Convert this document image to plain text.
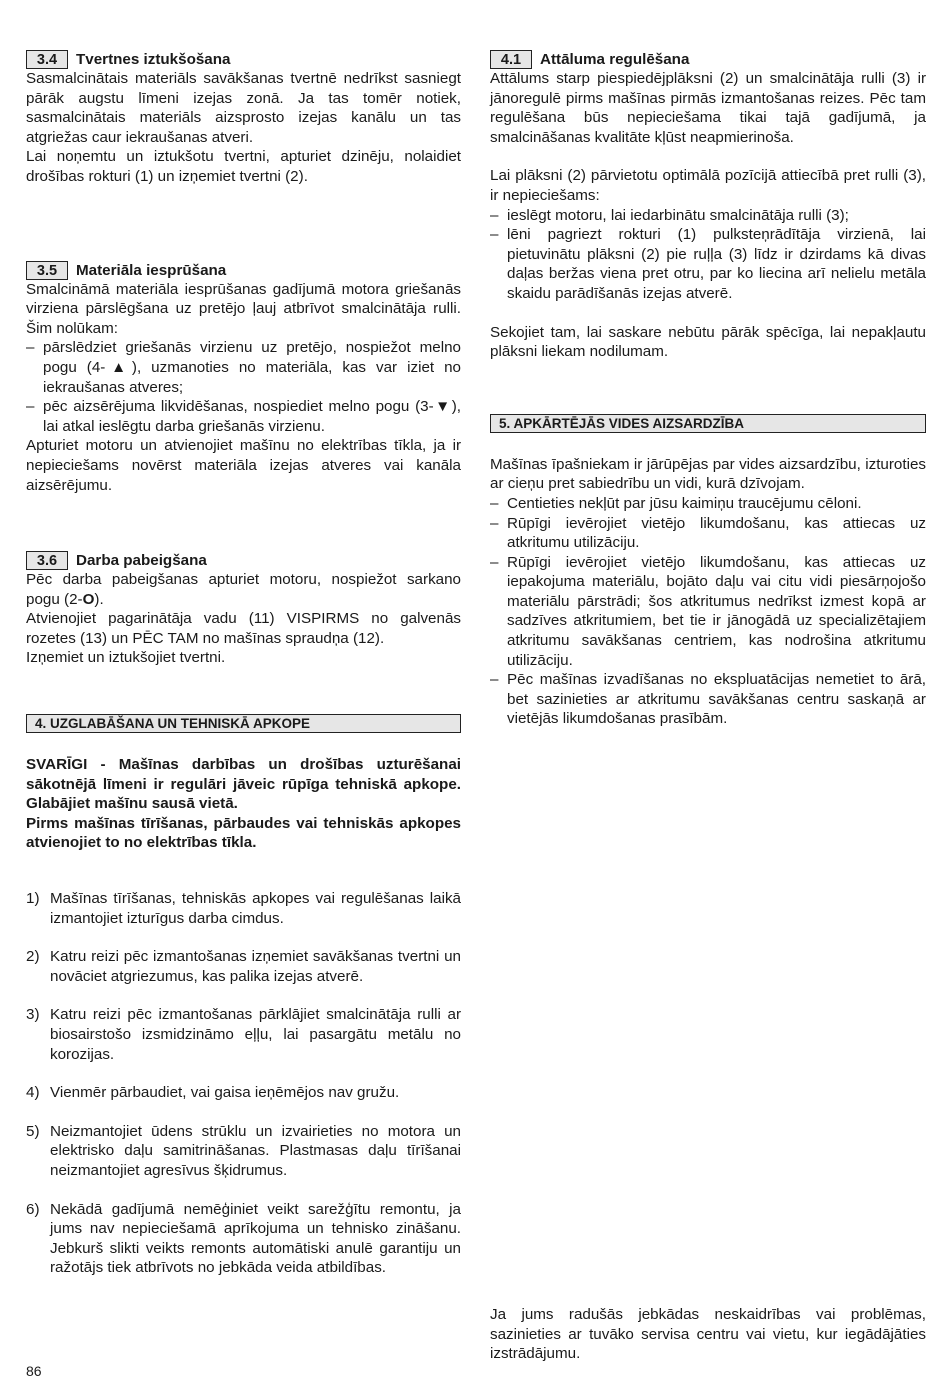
3.4	Tvertnes iztukšošana

Sasmalcinātais materiāls savākšanas tvertnē nedrīkst sasniegt pārāk augstu līmeni izejas zonā. Ja tas tomēr notiek, sasmalcinātais materiāls aizsprosto izejas kanālu un tas atgriežas caur iekraušanas atveri.

Lai noņemtu un iztukšotu tvertni, apturiet dzinēju, nolaidiet drošības rokturi (1) un izņemiet tvertni (2).

3.5	Materiāla iesprūšana

Smalcināmā materiāla iesprūšanas gadījumā motora griešanās virziena pārslēgšana uz pretējo ļauj atbrīvot smalcinātāja rulli. Šim nolūkam:

– pārslēdziet griešanās virzienu uz pretējo, nospiežot melno pogu (4-▲), uzmanoties no materiāla, kas var iziet no iekraušanas atveres;
– pēc aizsērējuma likvidēšanas, nospiediet melno pogu (3-▼), lai atkal ieslēgtu darba griešanās virzienu.

Apturiet motoru un atvienojiet mašīnu no elektrības tīkla, ja ir nepieciešams novērst materiāla izejas atveres vai kanāla aizsērējumu.

3.6	Darba pabeigšana

Pēc darba pabeigšanas apturiet motoru, nospiežot sarkano pogu (2-O).

Atvienojiet pagarinātāja vadu (11) VISPIRMS no galvenās rozetes (13) un PĒC TAM no mašīnas spraudņa (12).

Izņemiet un iztukšojiet tvertni.

4. UZGLABĀŠANA UN TEHNISKĀ APKOPE

SVARĪGI - Mašīnas darbības un drošības uzturēšanai sākotnējā līmeni ir regulāri jāveic rūpīga tehniskā apkope. Glabājiet mašīnu sausā vietā.

Pirms mašīnas tīrīšanas, pārbaudes vai tehniskās apkopes atvienojiet to no elektrības tīkla.

1) Mašīnas tīrīšanas, tehniskās apkopes vai regulēšanas laikā izmantojiet izturīgus darba cimdus.
2) Katru reizi pēc izmantošanas izņemiet savākšanas tvertni un novāciet atgriezumus, kas palika izejas atverē.
3) Katru reizi pēc izmantošanas pārklājiet smalcinātāja rulli ar biosairstošo izsmidzināmo eļļu, lai pasargātu metālu no korozijas.
4) Vienmēr pārbaudiet, vai gaisa ieņēmējos nav gružu.
5) Neizmantojiet ūdens strūklu un izvairieties no motora un elektrisko daļu samitrināšanas. Plastmasas daļu tīrīšanai neizmantojiet agresīvus šķidrumus.
6) Nekādā gadījumā nemēģiniet veikt sarežģītu remontu, ja jums nav nepieciešamā aprīkojuma un tehnisko zināšanu. Jebkurš slikti veikts remonts automātiski anulē garantiju un ražotājs tiek atbrīvots no jebkāda veida atbildības.
4.1	Attāluma regulēšana

Attālums starp piespiedējplāksni (2) un smalcinātāja rulli (3) ir jānoregulē pirms mašīnas pirmās izmantošanas reizes. Pēc tam regulēšana būs nepieciešama tikai tajā gadījumā, ja smalcināšanas kvalitāte kļūst neapmierinoša.

Lai plāksni (2) pārvietotu optimālā pozīcijā attiecībā pret rulli (3), ir nepieciešams:

– ieslēgt motoru, lai iedarbinātu smalcinātāja rulli (3);
– lēni pagriezt rokturi (1) pulksteņrādītāja virzienā, lai pietuvinātu plāksni (2) pie ruļļa (3) līdz ir dzirdams kā divas daļas beržas viena pret otru, par ko liecina arī nelielu metāla skaidu parādīšanās izejas atverē.

Sekojiet tam, lai saskare nebūtu pārāk spēcīga, lai nepakļautu plāksni liekam nodilumam.

5. APKĀRTĒJĀS VIDES AIZSARDZĪBA

Mašīnas īpašniekam ir jārūpējas par vides aizsardzību, izturoties ar cieņu pret sabiedrību un vidi, kurā dzīvojam.

– Centieties nekļūt par jūsu kaimiņu traucējumu cēloni.
– Rūpīgi ievērojiet vietējo likumdošanu, kas attiecas uz atkritumu utilizāciju.
– Rūpīgi ievērojiet vietējo likumdošanu, kas attiecas uz iepakojuma materiālu, bojāto daļu vai citu vidi piesārņojošo materiālu pārstrādi; šos atkritumus nedrīkst izmest kopā ar sadzīves atkritumiem, bet tie ir jānogādā uz specializētajiem atkritumu savākšanas centriem, kas nodrošina atkritumu utilizāciju.
– Pēc mašīnas izvadīšanas no ekspluatācijas nemetiet to ārā, bet sazinieties ar atkritumu savākšanas centru saskaņā ar vietējās likumdošanas prasībām.

Ja jums radušās jebkādas neskaidrības vai problēmas, sazinieties ar tuvāko servisa centru vai vietu, kur iegādājāties izstrādājumu.

86
